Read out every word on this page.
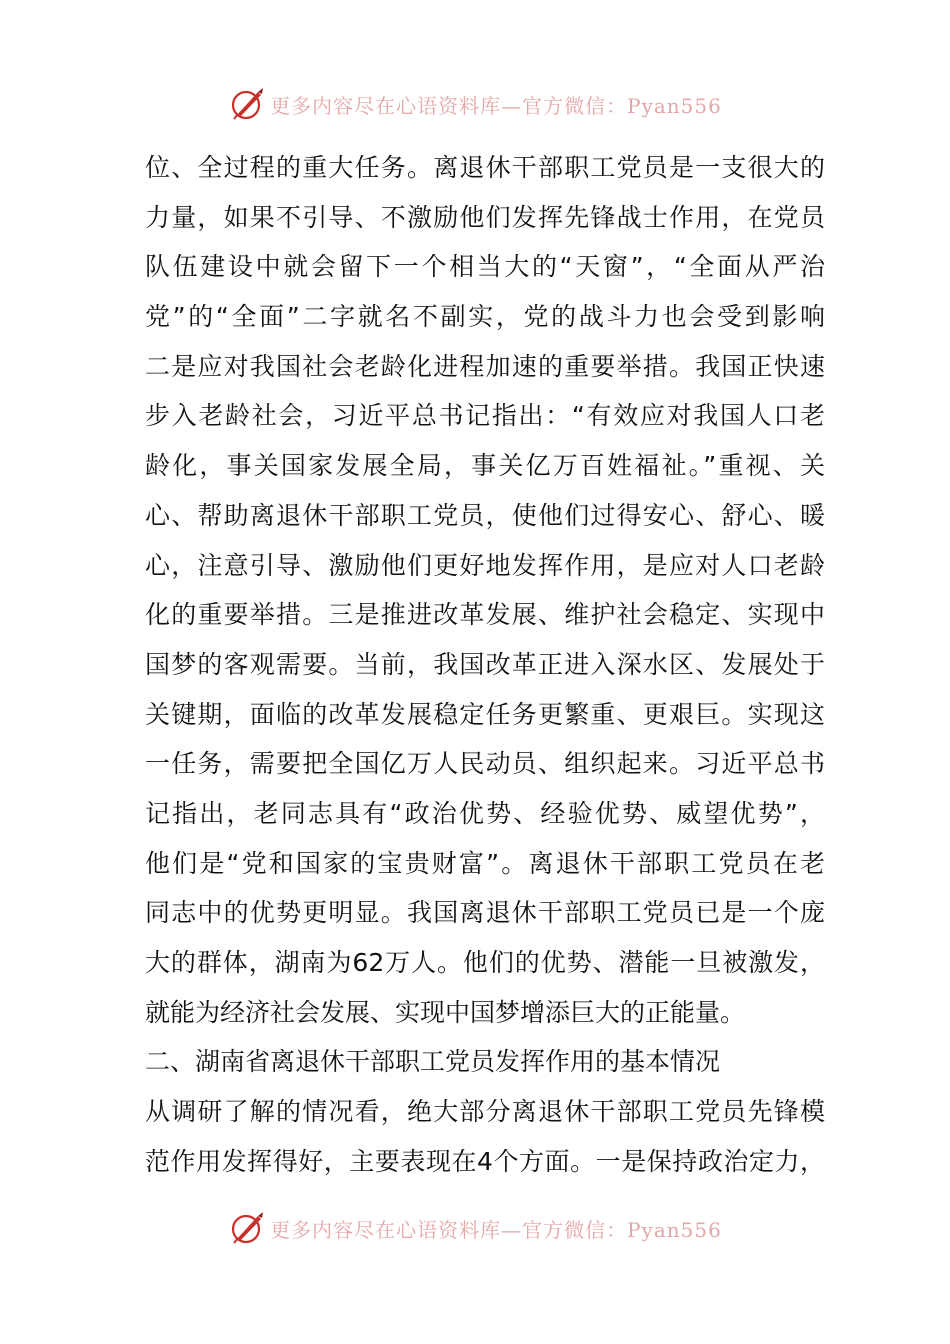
更多内容尽在心语资料库—官方微信：Pyan556
位、全过程的重大任务。离退休干部职工党员是一支很大的
力量，如果不引导、不激励他们发挥先锋战士作用，在党员
队伍建设中就会留下一个相当大的“天窗”，“全面从严治
党”的“全面”二字就名不副实，党的战斗力也会受到影响
二是应对我国社会老龄化进程加速的重要举措。我国正快速
步入老龄社会，习近平总书记指出：“有效应对我国人口老
龄化，事关国家发展全局，事关亿万百姓福祉。”重视、关
心、帮助离退休干部职工党员，使他们过得安心、舒心、暖
心，注意引导、激励他们更好地发挥作用，是应对人口老龄
化的重要举措。三是推进改革发展、维护社会稳定、实现中
国梦的客观需要。当前，我国改革正进入深水区、发展处于
关键期，面临的改革发展稳定任务更繁重、更艰巨。实现这
一任务，需要把全国亿万人民动员、组织起来。习近平总书
记指出，老同志具有“政治优势、经验优势、威望优势”，
他们是“党和国家的宝贵财富”。离退休干部职工党员在老
同志中的优势更明显。我国离退休干部职工党员已是一个庞
大的群体，湖南为62万人。他们的优势、潜能一旦被激发，
就能为经济社会发展、实现中国梦增添巨大的正能量。
二、湖南省离退休干部职工党员发挥作用的基本情况
从调研了解的情况看，绝大部分离退休干部职工党员先锋模
范作用发挥得好，主要表现在4个方面。一是保持政治定力，
更多内容尽在心语资料库—官方微信：Pyan556
